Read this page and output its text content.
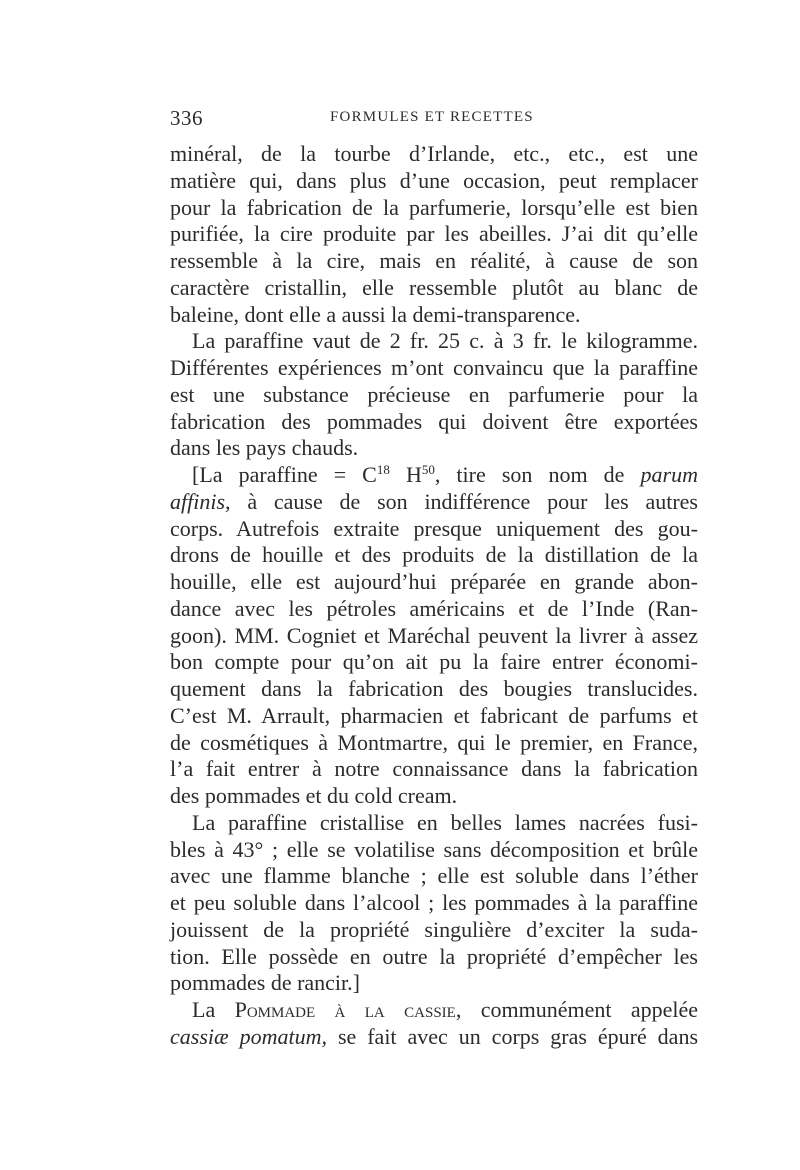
336	FORMULES ET RECETTES
minéral, de la tourbe d’Irlande, etc., etc., est une
matière qui, dans plus d’une occasion, peut remplacer
pour la fabrication de la parfumerie, lorsqu’elle est bien
purifiée, la cire produite par les abeilles. J’ai dit qu’elle
ressemble à la cire, mais en réalité, à cause de son
caractère cristallin, elle ressemble plutôt au blanc de
baleine, dont elle a aussi la demi-transparence.
La paraffine vaut de 2 fr. 25 c. à 3 fr. le kilogramme.
Différentes expériences m’ont convaincu que la paraffine
est une substance précieuse en parfumerie pour la
fabrication des pommades qui doivent être exportées
dans les pays chauds.
[La paraffine = $C^{18}$ $H^{50}$, tire son nom de parum
affinis, à cause de son indifférence pour les autres
corps. Autrefois extraite presque uniquement des gou-
drons de houille et des produits de la distillation de la
houille, elle est aujourd’hui préparée en grande abon-
dance avec les pétroles américains et de l’Inde (Ran-
goon). MM. Cogniet et Maréchal peuvent la livrer à assez
bon compte pour qu’on ait pu la faire entrer économi-
quement dans la fabrication des bougies translucides.
C’est M. Arrault, pharmacien et fabricant de parfums et
de cosmétiques à Montmartre, qui le premier, en France,
l’a fait entrer à notre connaissance dans la fabrication
des pommades et du cold cream.
La paraffine cristallise en belles lames nacrées fusi-
bles à 43° ; elle se volatilise sans décomposition et brûle
avec une flamme blanche ; elle est soluble dans l’éther
et peu soluble dans l’alcool ; les pommades à la paraffine
jouissent de la propriété singulière d’exciter la suda-
tion. Elle possède en outre la propriété d’empêcher les
pommades de rancir.]
La Pommade à la cassie, communément appelée
cassiæ pomatum, se fait avec un corps gras épuré dans
